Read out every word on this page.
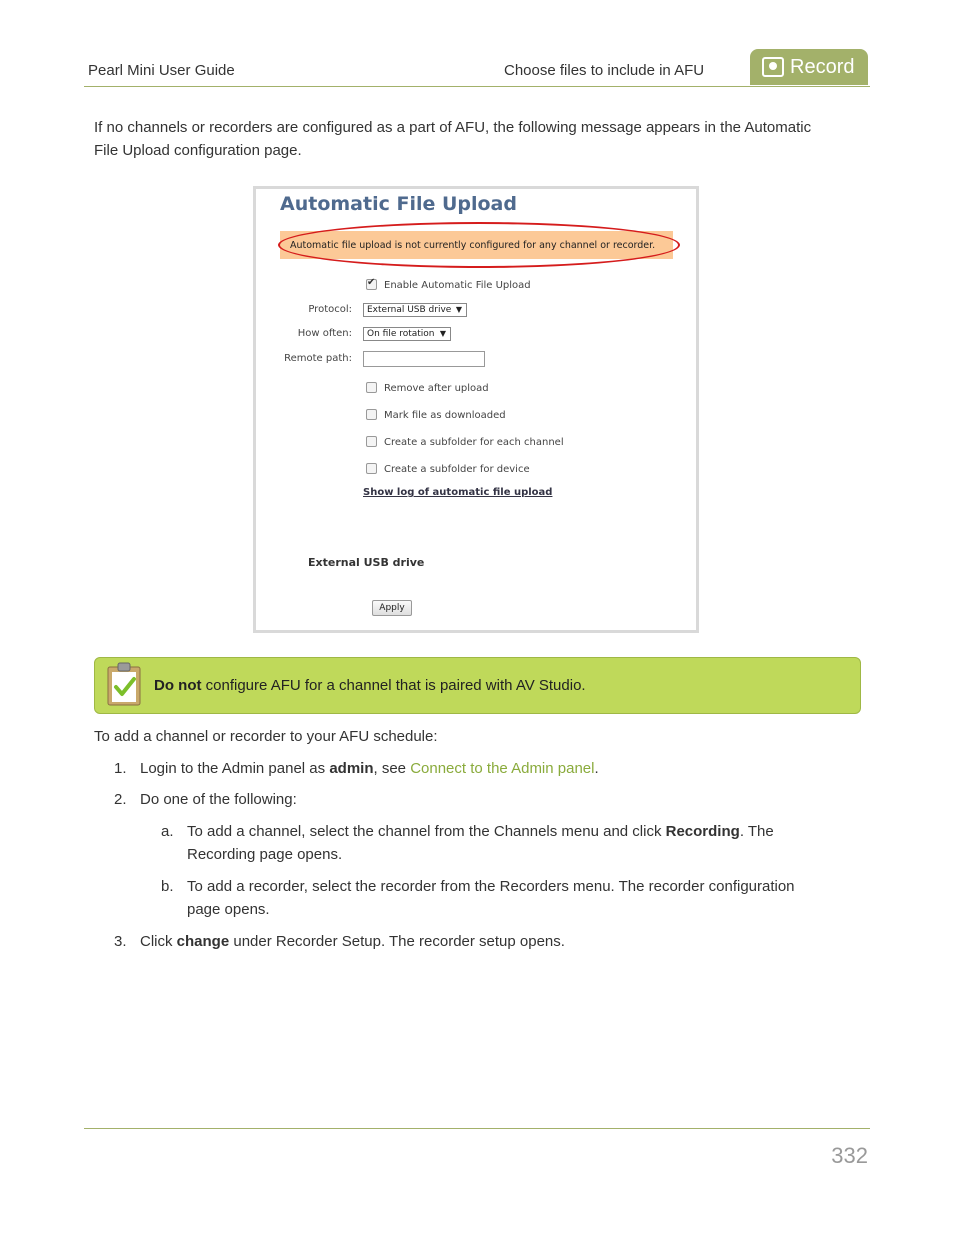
Pearl Mini User Guide	Choose files to include in AFU	Record

If no channels or recorders are configured as a part of AFU, the following message appears in the Automatic

File Upload configuration page.

Automatic File Upload
Automatic file upload is not currently configured for any channel or recorder.
✔
Enable Automatic File Upload
Protocol:	External USB drive ▼
How often:	On file rotation ▼
Remote path:
Remove after upload
Mark file as downloaded
Create a subfolder for each channel
Create a subfolder for device
Show log of automatic file upload
External USB drive
Apply
Do not configure AFU for a channel that is paired with AV Studio.
To add a channel or recorder to your AFU schedule:
1. Login to the Admin panel as admin, see Connect to the Admin panel.
2. Do one of the following:
a. To add a channel, select the channel from the Channels menu and click Recording. The
Recording page opens.
b. To add a recorder, select the recorder from the Recorders menu. The recorder configuration
page opens.
3. Click change under Recorder Setup. The recorder setup opens.
332
